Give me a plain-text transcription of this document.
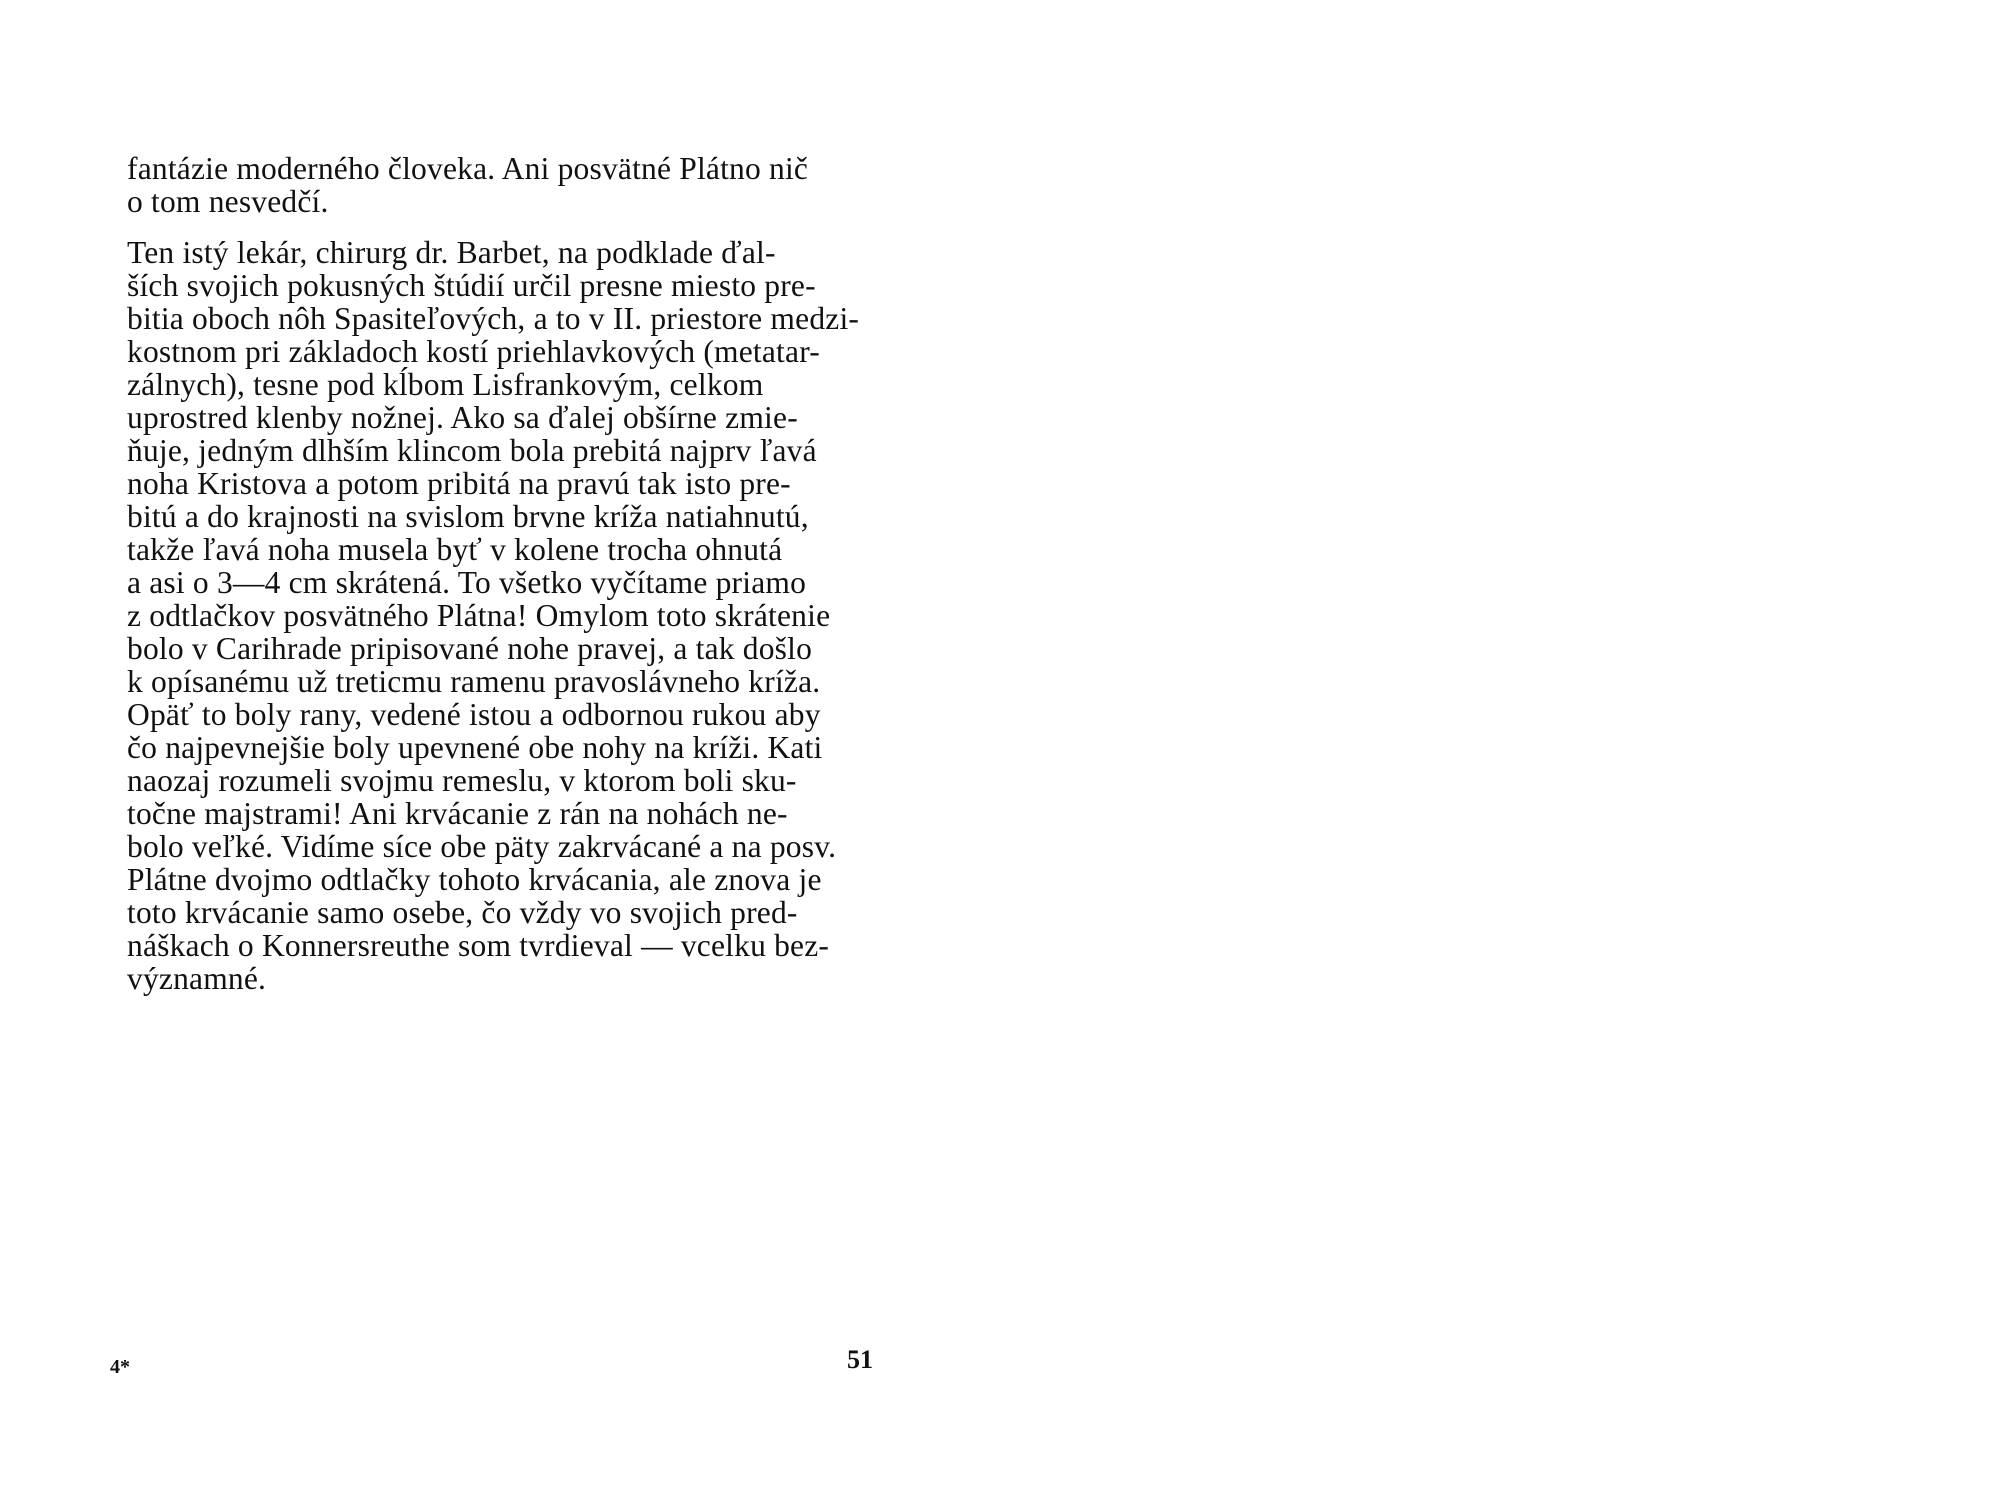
fantázie moderného človeka. Ani posvätné Plátno nič
o tom nesvedčí.

Ten istý lekár, chirurg dr. Barbet, na podklade ďal-
ších svojich pokusných štúdií určil presne miesto pre-
bitia oboch nôh Spasiteľových, a to v II. priestore medzi-
kostnom pri základoch kostí priehlavkových (metatar-
zálnych), tesne pod kĺbom Lisfrankovým, celkom
uprostred klenby nožnej. Ako sa ďalej obšírne zmie-
ňuje, jedným dlhším klincom bola prebitá najprv ľavá
noha Kristova a potom pribitá na pravú tak isto pre-
bitú a do krajnosti na svislom brvne kríža natiahnutú,
takže ľavá noha musela byť v kolene trocha ohnutá
a asi o 3—4 cm skrátená. To všetko vyčítame priamo
z odtlačkov posvätného Plátna! Omylom toto skrátenie
bolo v Carihrade pripisované nohe pravej, a tak došlo
k opísanému už treticmu ramenu pravoslávneho kríža.
Opäť to boly rany, vedené istou a odbornou rukou aby
čo najpevnejšie boly upevnené obe nohy na kríži. Kati
naozaj rozumeli svojmu remeslu, v ktorom boli sku-
točne majstrami! Ani krvácanie z rán na nohách ne-
bolo veľké. Vidíme síce obe päty zakrvácané a na posv.
Plátne dvojmo odtlačky tohoto krvácania, ale znova je
toto krvácanie samo osebe, čo vždy vo svojich pred-
náškach o Konnersreuthe som tvrdieval — vcelku bez-
významné.

4*	51
